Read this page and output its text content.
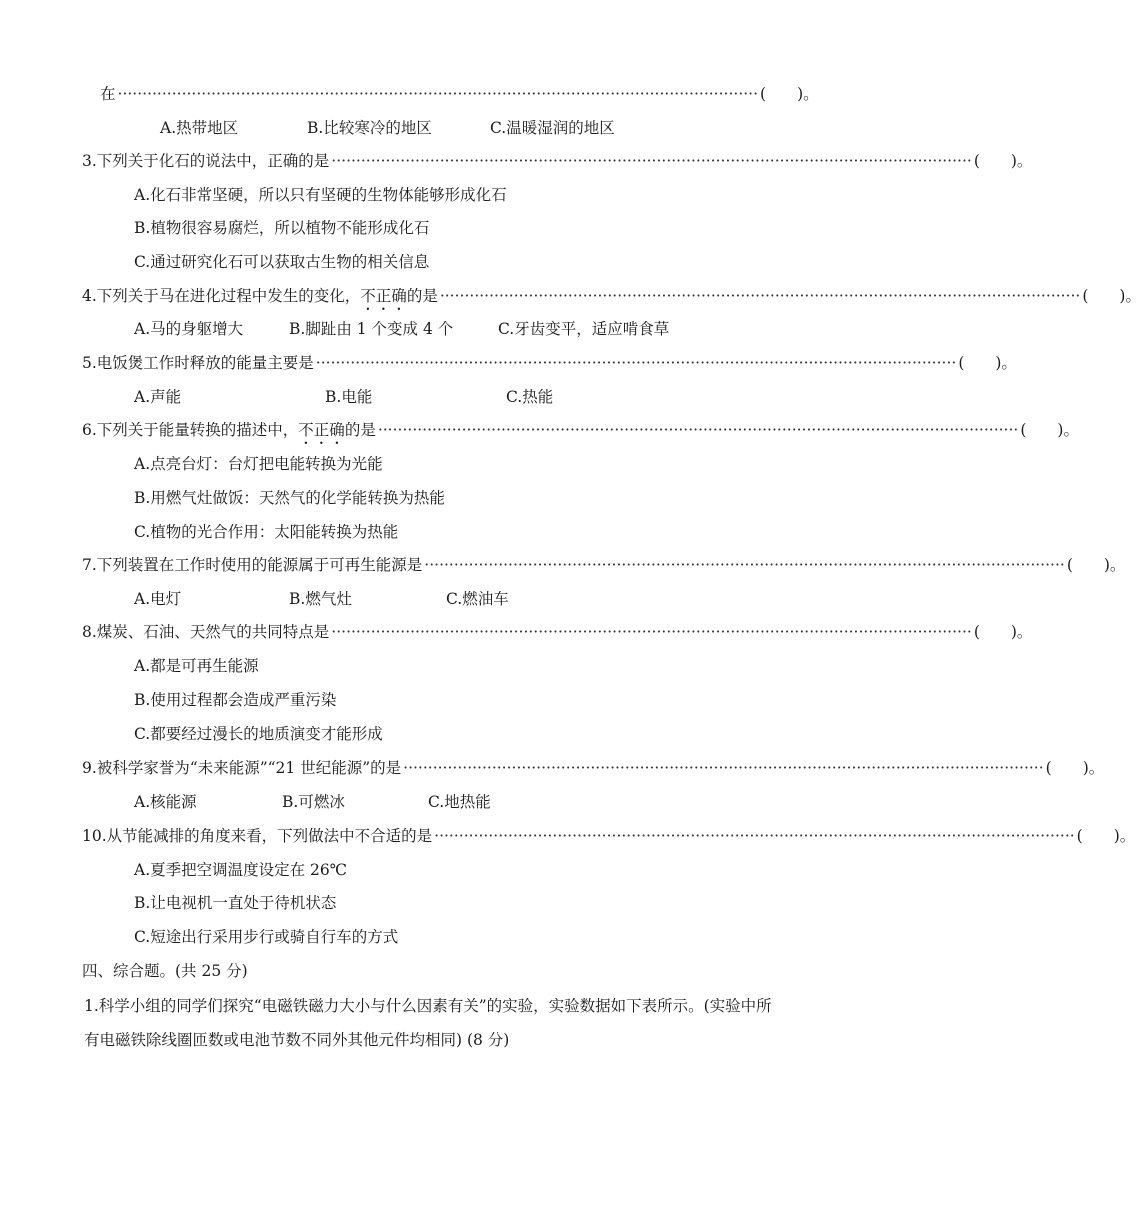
在 ·································································································································· (　　)。
A.热带地区	B.比较寒冷的地区	C.温暖湿润的地区
3.下列关于化石的说法中，正确的是 ·································································································································· (　　)。
A.化石非常坚硬，所以只有坚硬的生物体能够形成化石
B.植物很容易腐烂，所以植物不能形成化石
C.通过研究化石可以获取古生物的相关信息
4.下列关于马在进化过程中发生的变化，不正确的是 ·································································································································· (　　)。
A.马的身躯增大	B.脚趾由 1 个变成 4 个	C.牙齿变平，适应啃食草
5.电饭煲工作时释放的能量主要是 ·································································································································· (　　)。
A.声能	B.电能	C.热能
6.下列关于能量转换的描述中，不正确的是 ·································································································································· (　　)。
A.点亮台灯：台灯把电能转换为光能
B.用燃气灶做饭：天然气的化学能转换为热能
C.植物的光合作用：太阳能转换为热能
7.下列装置在工作时使用的能源属于可再生能源是 ·································································································································· (　　)。
A.电灯	B.燃气灶	C.燃油车
8.煤炭、石油、天然气的共同特点是 ·································································································································· (　　)。
A.都是可再生能源
B.使用过程都会造成严重污染
C.都要经过漫长的地质演变才能形成
9.被科学家誉为“未来能源”“21 世纪能源”的是 ·································································································································· (　　)。
A.核能源	B.可燃冰	C.地热能
10.从节能减排的角度来看，下列做法中不合适的是 ·································································································································· (　　)。
A.夏季把空调温度设定在 26℃
B.让电视机一直处于待机状态
C.短途出行采用步行或骑自行车的方式
四、综合题。(共 25 分)
1.科学小组的同学们探究“电磁铁磁力大小与什么因素有关”的实验，实验数据如下表所示。(实验中所有电磁铁除线圈匝数或电池节数不同外其他元件均相同) (8 分)
